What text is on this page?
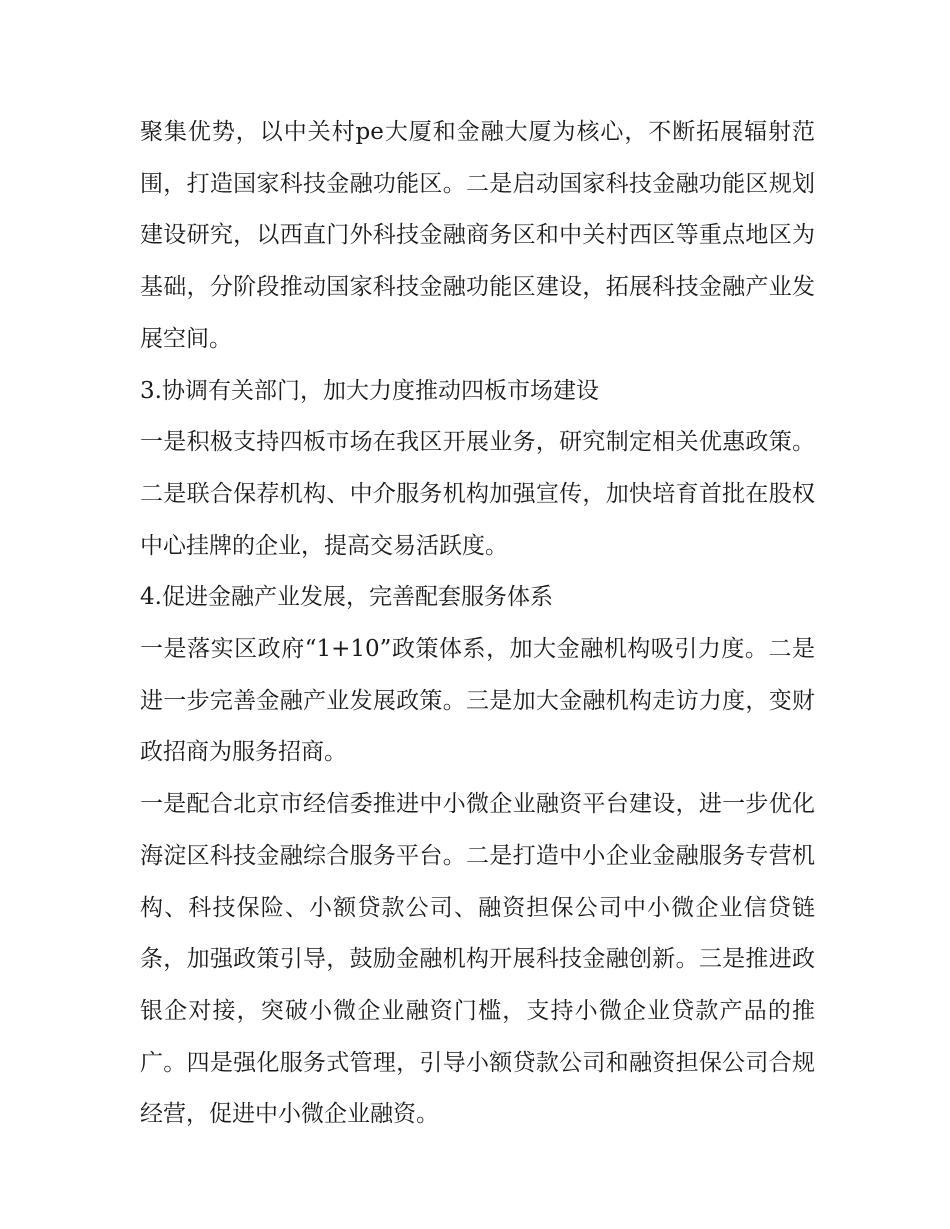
聚集优势，以中关村pe大厦和金融大厦为核心，不断拓展辐射范围，打造国家科技金融功能区。二是启动国家科技金融功能区规划建设研究，以西直门外科技金融商务区和中关村西区等重点地区为基础，分阶段推动国家科技金融功能区建设，拓展科技金融产业发展空间。

3.协调有关部门，加大力度推动四板市场建设

一是积极支持四板市场在我区开展业务，研究制定相关优惠政策。二是联合保荐机构、中介服务机构加强宣传，加快培育首批在股权中心挂牌的企业，提高交易活跃度。

4.促进金融产业发展，完善配套服务体系

一是落实区政府“1+10”政策体系，加大金融机构吸引力度。二是进一步完善金融产业发展政策。三是加大金融机构走访力度，变财政招商为服务招商。

一是配合北京市经信委推进中小微企业融资平台建设，进一步优化海淀区科技金融综合服务平台。二是打造中小企业金融服务专营机构、科技保险、小额贷款公司、融资担保公司中小微企业信贷链条，加强政策引导，鼓励金融机构开展科技金融创新。三是推进政银企对接，突破小微企业融资门槛，支持小微企业贷款产品的推广。四是强化服务式管理，引导小额贷款公司和融资担保公司合规经营，促进中小微企业融资。
